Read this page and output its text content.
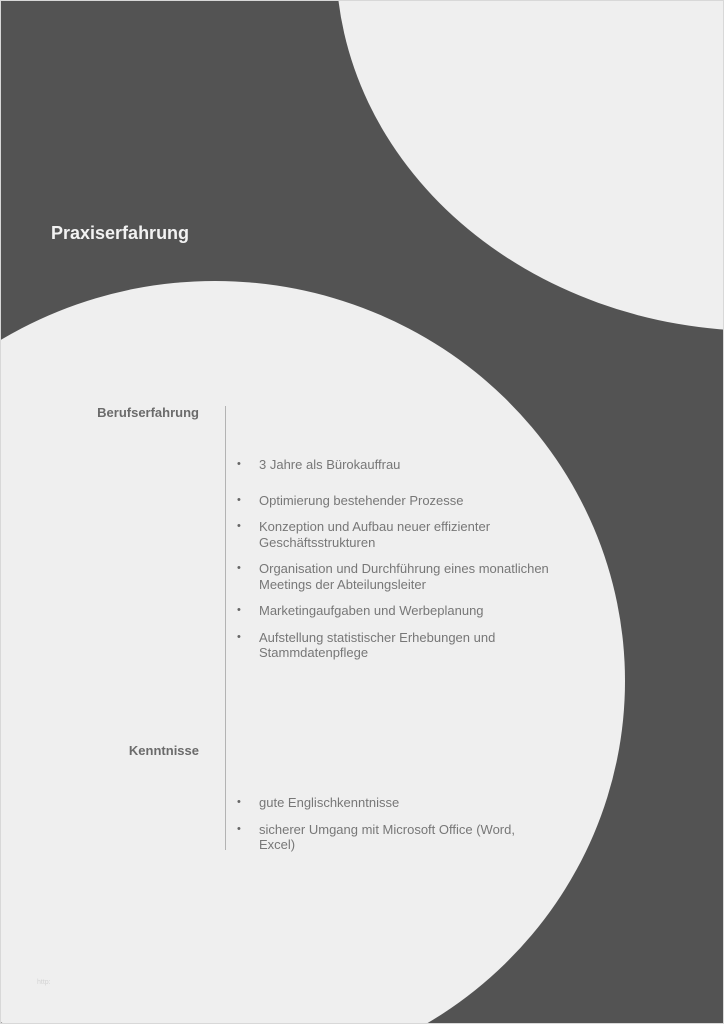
Praxiserfahrung
Berufserfahrung
• 3 Jahre als Bürokauffrau
• Optimierung bestehender Prozesse
• Konzeption und Aufbau neuer effizienter Geschäftsstrukturen
• Organisation und Durchführung eines monatlichen Meetings der Abteilungsleiter
• Marketingaufgaben und Werbeplanung
• Aufstellung statistischer Erhebungen und Stammdatenpflege
Kenntnisse
• gute Englischkenntnisse
• sicherer Umgang mit Microsoft Office (Word, Excel)
http:
